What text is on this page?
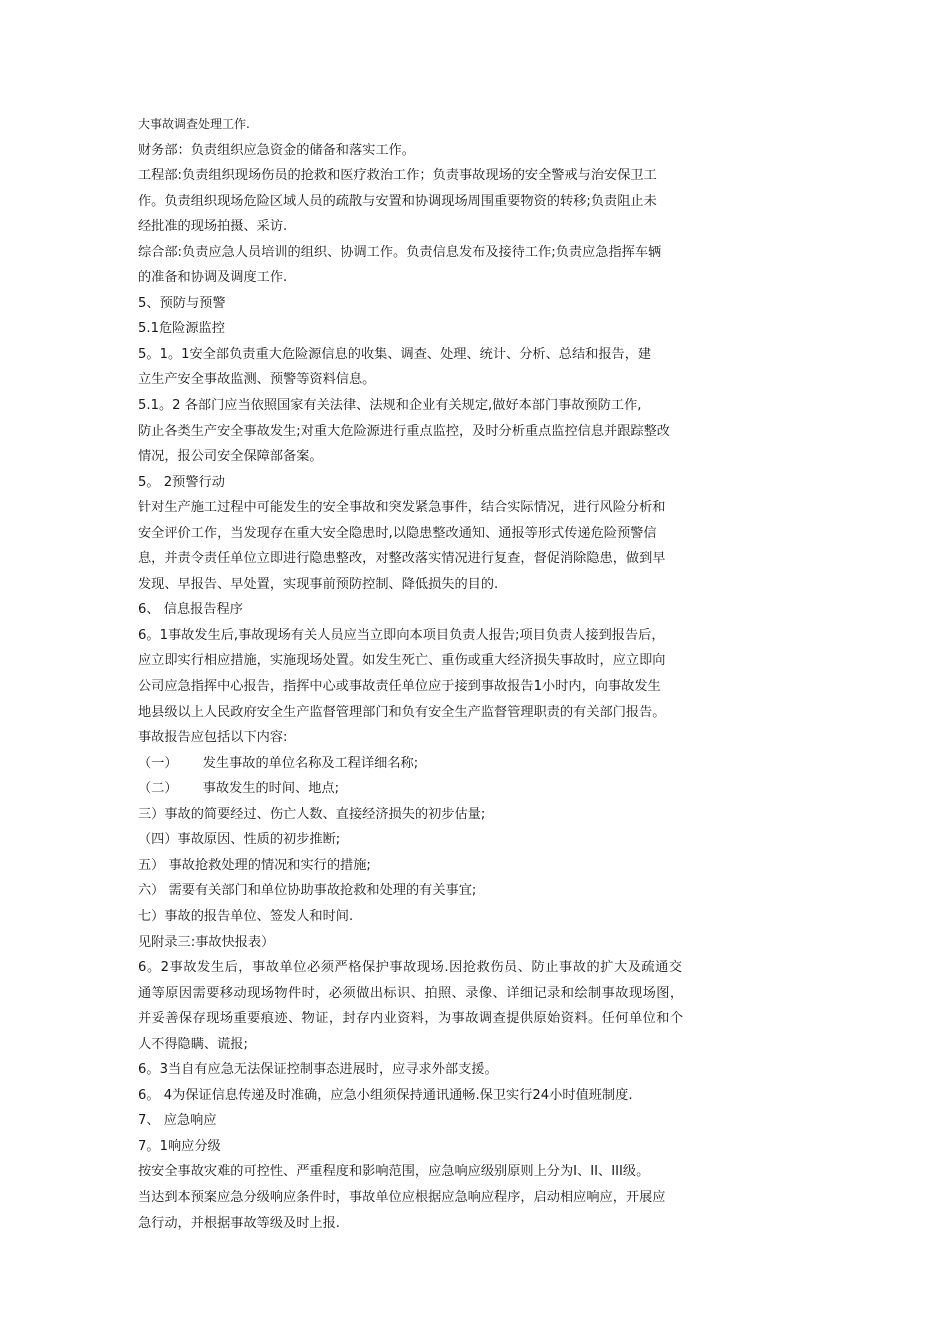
大事故调查处理工作.
财务部：负责组织应急资金的储备和落实工作。
工程部:负责组织现场伤员的抢救和医疗救治工作；负责事故现场的安全警戒与治安保卫工
作。负责组织现场危险区域人员的疏散与安置和协调现场周围重要物资的转移;负责阻止未
经批准的现场拍摄、采访.
综合部:负责应急人员培训的组织、协调工作。负责信息发布及接待工作;负责应急指挥车辆
的准备和协调及调度工作.
5、预防与预警
5.1危险源监控
5。1。1安全部负责重大危险源信息的收集、调查、处理、统计、分析、总结和报告，建
立生产安全事故监测、预警等资料信息。
5.1。2 各部门应当依照国家有关法律、法规和企业有关规定,做好本部门事故预防工作,
防止各类生产安全事故发生;对重大危险源进行重点监控，及时分析重点监控信息并跟踪整改
情况，报公司安全保障部备案。
5。 2预警行动
针对生产施工过程中可能发生的安全事故和突发紧急事件，结合实际情况，进行风险分析和
安全评价工作，当发现存在重大安全隐患时,以隐患整改通知、通报等形式传递危险预警信
息，并责令责任单位立即进行隐患整改，对整改落实情况进行复查，督促消除隐患，做到早
发现、早报告、早处置，实现事前预防控制、降低损失的目的.
6、 信息报告程序
6。1事故发生后,事故现场有关人员应当立即向本项目负责人报告;项目负责人接到报告后，
应立即实行相应措施，实施现场处置。如发生死亡、重伤或重大经济损失事故时，应立即向
公司应急指挥中心报告，指挥中心或事故责任单位应于接到事故报告1小时内，向事故发生
地县级以上人民政府安全生产监督管理部门和负有安全生产监督管理职责的有关部门报告。
事故报告应包括以下内容:
（一）      发生事故的单位名称及工程详细名称;
（二）      事故发生的时间、地点;
三）事故的简要经过、伤亡人数、直接经济损失的初步估量;
（四）事故原因、性质的初步推断;
五） 事故抢救处理的情况和实行的措施;
六） 需要有关部门和单位协助事故抢救和处理的有关事宜;
七）事故的报告单位、签发人和时间.
见附录三:事故快报表）
6。2事故发生后，事故单位必须严格保护事故现场.因抢救伤员、防止事故的扩大及疏通交
通等原因需要移动现场物件时，必须做出标识、拍照、录像、详细记录和绘制事故现场图，
并妥善保存现场重要痕迹、物证，封存内业资料，为事故调查提供原始资料。任何单位和个
人不得隐瞒、谎报;
6。3当自有应急无法保证控制事态进展时，应寻求外部支援。
6。 4为保证信息传递及时准确，应急小组须保持通讯通畅.保卫实行24小时值班制度.
7、 应急响应
7。1响应分级
按安全事故灾难的可控性、严重程度和影响范围，应急响应级别原则上分为I、II、III级。
当达到本预案应急分级响应条件时，事故单位应根据应急响应程序，启动相应响应，开展应
急行动，并根据事故等级及时上报.
